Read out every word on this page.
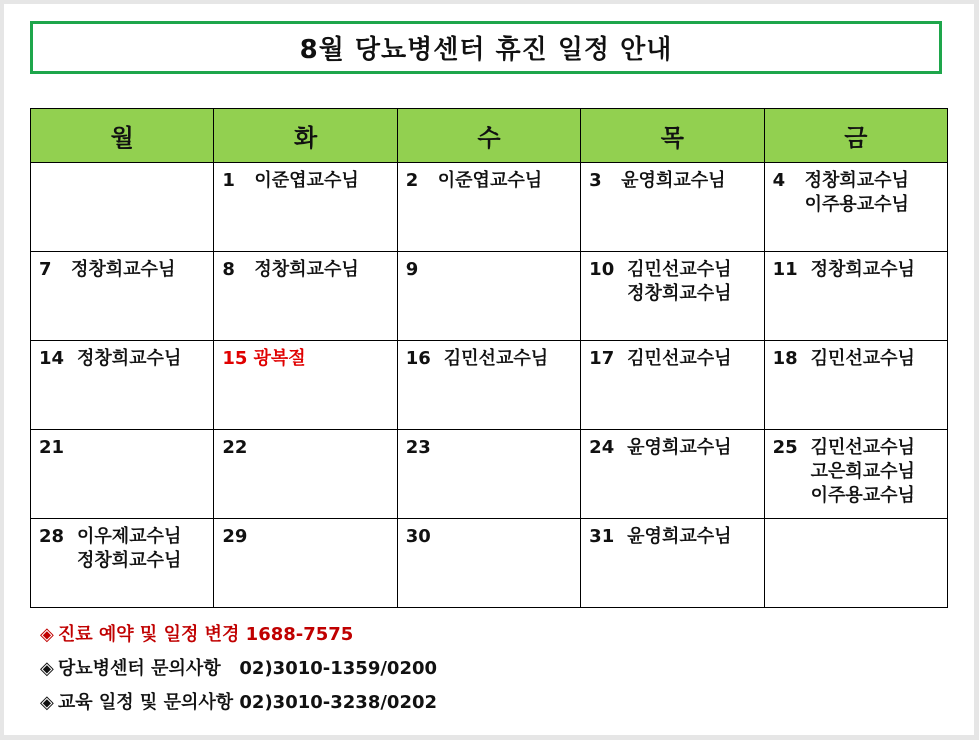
8월 당뇨병센터 휴진 일정 안내
월	화	수	목	금

	1 이준엽교수님	2 이준엽교수님	3 윤영희교수님	4 정창희교수님
이주용교수님

7 정창희교수님	8 정창희교수님	9	10 김민선교수님
정창희교수님	11 정창희교수님

14 정창희교수님	15 광복절	16 김민선교수님	17 김민선교수님	18 김민선교수님

21	22	23	24 윤영희교수님	25 김민선교수님
고은희교수님
이주용교수님

28 이우제교수님
정창희교수님	29	30	31 윤영희교수님	

◈ 진료 예약 및 일정 변경 1688-7575
◈ 당뇨병센터 문의사항   02)3010-1359/0200
◈ 교육 일정 및 문의사항 02)3010-3238/0202
